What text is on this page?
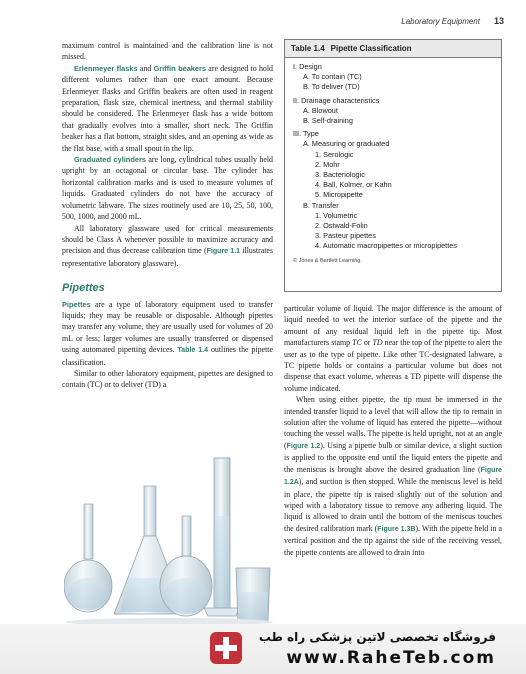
Laboratory Equipment 13

maximum control is maintained and the calibration line is not missed.

Erlenmeyer flasks and Griffin beakers are designed to hold different volumes rather than one exact amount. Because Erlenmeyer flasks and Griffin beakers are often used in reagent preparation, flask size, chemical inertness, and thermal stability should be considered. The Erlenmeyer flask has a wide bottom that gradually evolves into a smaller, short neck. The Griffin beaker has a flat bottom, straight sides, and an opening as wide as the flat base, with a small spout in the lip.

Graduated cylinders are long, cylindrical tubes usually held upright by an octagonal or circular base. The cylinder has horizontal calibration marks and is used to measure volumes of liquids. Graduated cylinders do not have the accuracy of volumetric labware. The sizes routinely used are 10, 25, 50, 100, 500, 1000, and 2000 mL.

All laboratory glassware used for critical measurements should be Class A whenever possible to maximize accuracy and precision and thus decrease calibration time (Figure 1.1 illustrates representative laboratory glassware).

Pipettes

Pipettes are a type of laboratory equipment used to transfer liquids; they may be reusable or disposable. Although pipettes may transfer any volume, they are usually used for volumes of 20 mL or less; larger volumes are usually transferred or dispensed using automated pipetting devices. Table 1.4 outlines the pipette classification.

Similar to other laboratory equipment, pipettes are designed to contain (TC) or to deliver (TD) a

Table 1.4 Pipette Classification
I. Design
A. To contain (TC)
B. To deliver (TD)
II. Drainage characteristics
A. Blowout
B. Self-draining
III. Type
A. Measuring or graduated
1. Serologic
2. Mohr
3. Bacteriologic
4. Ball, Kolmer, or Kahn
5. Micropipette
B. Transfer
1. Volumetric
2. Ostwald-Folin
3. Pasteur pipettes
4. Automatic macropipettes or micropipettes
© Jones & Bartlett Learning.

particular volume of liquid. The major difference is the amount of liquid needed to wet the interior surface of the pipette and the amount of any residual liquid left in the pipette tip. Most manufacturers stamp TC or TD near the top of the pipette to alert the user as to the type of pipette. Like other TC-designated labware, a TC pipette holds or contains a particular volume but does not dispense that exact volume, whereas a TD pipette will dispense the volume indicated.

When using either pipette, the tip must be immersed in the intended transfer liquid to a level that will allow the tip to remain in solution after the volume of liquid has entered the pipette—without touching the vessel walls. The pipette is held upright, not at an angle (Figure 1.2). Using a pipette bulb or similar device, a slight suction is applied to the opposite end until the liquid enters the pipette and the meniscus is brought above the desired graduation line (Figure 1.2A), and suction is then stopped. While the meniscus level is held in place, the pipette tip is raised slightly out of the solution and wiped with a laboratory tissue to remove any adhering liquid. The liquid is allowed to drain until the bottom of the meniscus touches the desired calibration mark (Figure 1.3B). With the pipette held in a vertical position and the tip against the side of the receiving vessel, the pipette contents are allowed to drain into

فروشگاه تخصصی لاتین پزشکی راه طب
www.RaheTeb.com
